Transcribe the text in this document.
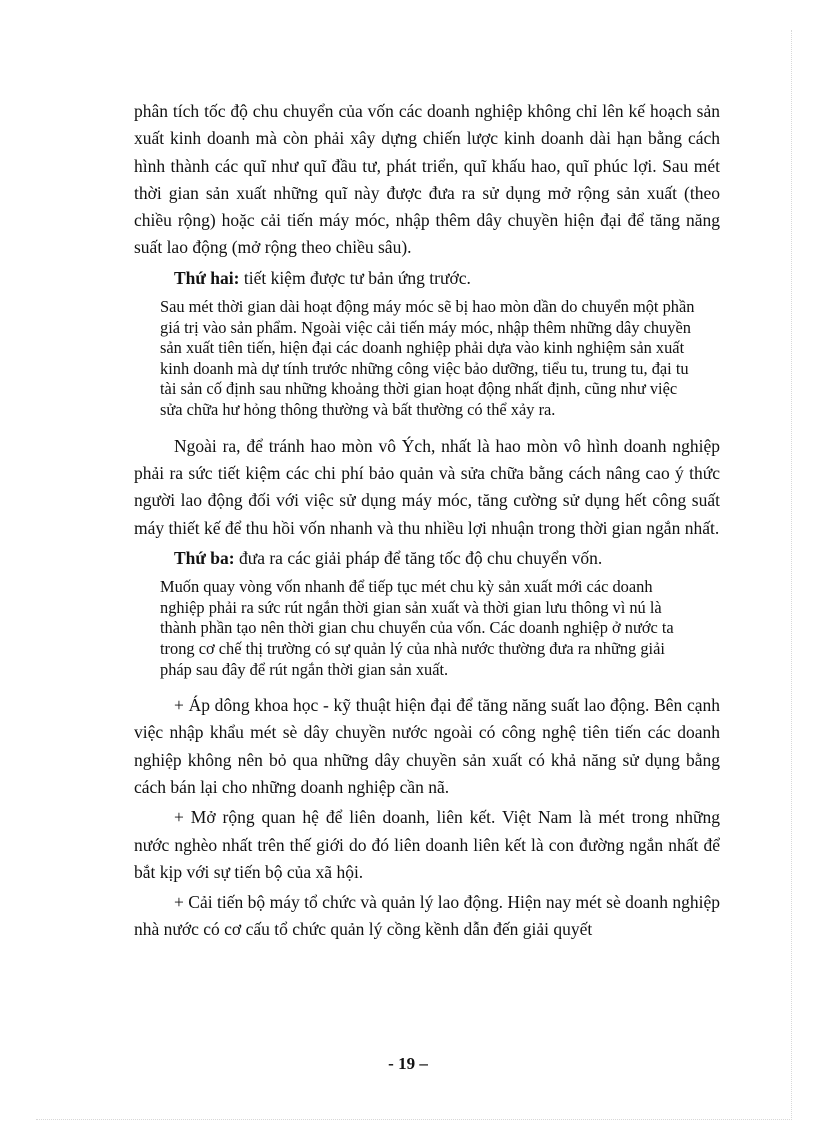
phân tích tốc độ chu chuyển của vốn các doanh nghiệp không chỉ lên kế hoạch sản xuất kinh doanh mà còn phải xây dựng chiến lược kinh doanh dài hạn bằng cách hình thành các quĩ như quĩ đầu tư, phát triển, quĩ khấu hao, quĩ phúc lợi. Sau mét thời gian sản xuất những quĩ này được đưa ra sử dụng mở rộng sản xuất (theo chiều rộng) hoặc cải tiến máy móc, nhập thêm dây chuyền hiện đại để tăng năng suất lao động (mở rộng theo chiều sâu).

Thứ hai: tiết kiệm được tư bản ứng trước.

Sau mét thời gian dài hoạt động máy móc sẽ bị hao mòn dần do chuyển một phần giá trị vào sản phẩm. Ngoài việc cải tiến máy móc, nhập thêm những dây chuyền sản xuất tiên tiến, hiện đại các doanh nghiệp phải dựa vào kinh nghiệm sản xuất kinh doanh mà dự tính trước những công việc bảo dưỡng, tiểu tu, trung tu, đại tu tài sản cố định sau những khoảng thời gian hoạt động nhất định, cũng như việc sửa chữa hư hỏng thông thường và bất thường có thể xảy ra.

Ngoài ra, để tránh hao mòn vô Ých, nhất là hao mòn vô hình doanh nghiệp phải ra sức tiết kiệm các chi phí bảo quản và sửa chữa bằng cách nâng cao ý thức người lao động đối với việc sử dụng máy móc, tăng cường sử dụng hết công suất máy thiết kế để thu hồi vốn nhanh và thu nhiều lợi nhuận trong thời gian ngắn nhất.

Thứ ba: đưa ra các giải pháp để tăng tốc độ chu chuyển vốn.

Muốn quay vòng vốn nhanh để tiếp tục mét chu kỳ sản xuất mới các doanh nghiệp phải ra sức rút ngắn thời gian sản xuất và thời gian lưu thông vì nú là thành phần tạo nên thời gian chu chuyển của vốn. Các doanh nghiệp ở nước ta trong cơ chế thị trường có sự quản lý của nhà nước thường đưa ra những giải pháp sau đây để rút ngắn thời gian sản xuất.

+ Áp dông khoa học - kỹ thuật hiện đại để tăng năng suất lao động. Bên cạnh việc nhập khẩu mét sè dây chuyền nước ngoài có công nghệ tiên tiến các doanh nghiệp không nên bỏ qua những dây chuyền sản xuất có khả năng sử dụng bằng cách bán lại cho những doanh nghiệp cần nã.

+ Mở rộng quan hệ để liên doanh, liên kết. Việt Nam là mét trong những nước nghèo nhất trên thế giới do đó liên doanh liên kết là con đường ngắn nhất để bắt kịp với sự tiến bộ của xã hội.

+ Cải tiến bộ máy tổ chức và quản lý lao động. Hiện nay mét sè doanh nghiệp nhà nước có cơ cấu tổ chức quản lý cồng kềnh dẫn đến giải quyết

- 19 –
